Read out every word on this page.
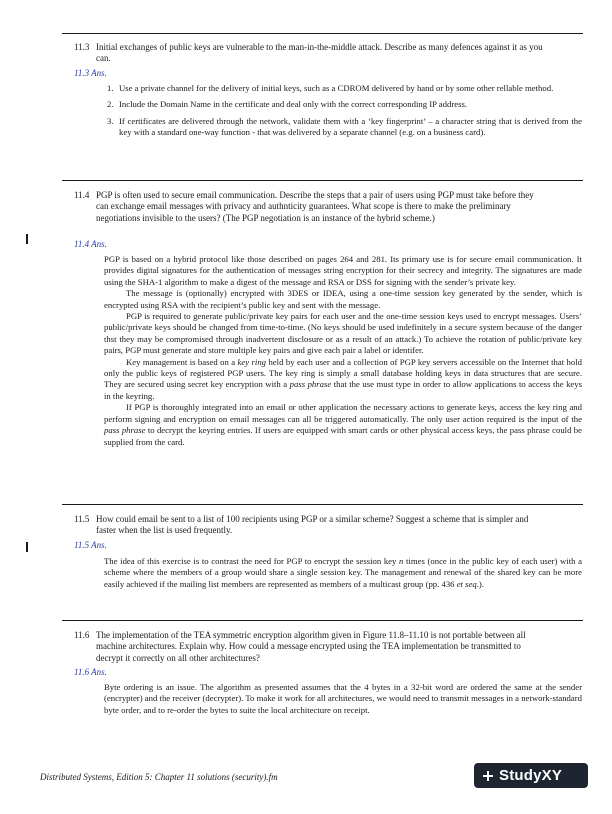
11.3 Initial exchanges of public keys are vulnerable to the man-in-the-middle attack. Describe as many defences against it as you can.
11.3 Ans.
1. Use a private channel for the delivery of initial keys, such as a CDROM delivered by hand or by some other rellable method.
2. Include the Domain Name in the certificate and deal only with the correct corresponding IP address.
3. If certificates are delivered through the network, validate them with a ‘key fingerprint’ – a character string that is derived from the key with a standard one-way function - that was delivered by a separate channel (e.g. on a business card).
11.4 PGP is often used to secure email communication. Describe the steps that a pair of users using PGP must take before they can exchange email messages with privacy and authnticity guarantees. What scope is there to make the preliminary negotiations invisible to the users? (The PGP negotiation is an instance of the hybrid scheme.)
11.4 Ans.

PGP is based on a hybrid protocol like those described on pages 264 and 281. Its primary use is for secure email communication. It provides digital signatures for the authentication of messages string encryption for their secrecy and integrity. The signatures are made using the SHA-1 algorithm to make a digest of the message and RSA or DSS for signing with the sender’s private key.

The message is (optionally) encrypted with 3DES or IDEA, using a one-time session key generated by the sender, which is encrypted using RSA with the recipient’s public key and sent with the message.

PGP is required to generate public/private key pairs for each user and the one-time session keys used to encrypt messages. Users’ public/private keys should be changed from time-to-time. (No keys should be used indefinitely in a secure system because of the danger thst they may be compromised through inadvertent disclosure or as a result of an attack.) To achieve the rotation of public/private key pairs, PGP must generate and store multiple key pairs and give each pair a label or identifer.

Key management is based on a key ring held by each user and a collection of PGP key servers accessible on the Internet that hold only the public keys of registered PGP users. The key ring is simply a small database holding keys in data structures that are secure. They are secured using secret key encryption with a pass phrase that the use must type in order to allow applications to access the keys in the keyring.

If PGP is thoroughly integrated into an email or other application the necessary actions to generate keys, access the key ring and perform signing and encryption on email messages can all be triggered automatically. The only user action required is the input of the pass phrase to decrypt the keyring entries. If users are equipped with smart cards or other physical access keys, the pass phrase could be supplied from the card.

11.5 How could email be sent to a list of 100 recipients using PGP or a similar scheme? Suggest a scheme that is simpler and faster when the list is used frequently.
11.5 Ans.

The idea of this exercise is to contrast the need for PGP to encrypt the session key n times (once in the public key of each user) with a scheme where the members of a group would share a single session key. The management and renewal of the shared key can be more easily achieved if the mailing list members are represented as members of a multicast group (pp. 436 et seq.).

11.6 The implementation of the TEA symmetric encryption algorithm given in Figure 11.8–11.10 is not portable between all machine architectures. Explain why. How could a message encrypted using the TEA implementation be transmitted to decrypt it correctly on all other architectures?
11.6 Ans.

Byte ordering is an issue. The algorithm as presented assumes that the 4 bytes in a 32-bit word are ordered the same at the sender (encrypter) and the receiver (decrypter). To make it work for all architectures, we would need to transmit messages in a network-standard byte order, and to re-order the bytes to suite the local architecture on receipt.

Distributed Systems, Edition 5: Chapter 11 solutions (security).fm	StudyXY
